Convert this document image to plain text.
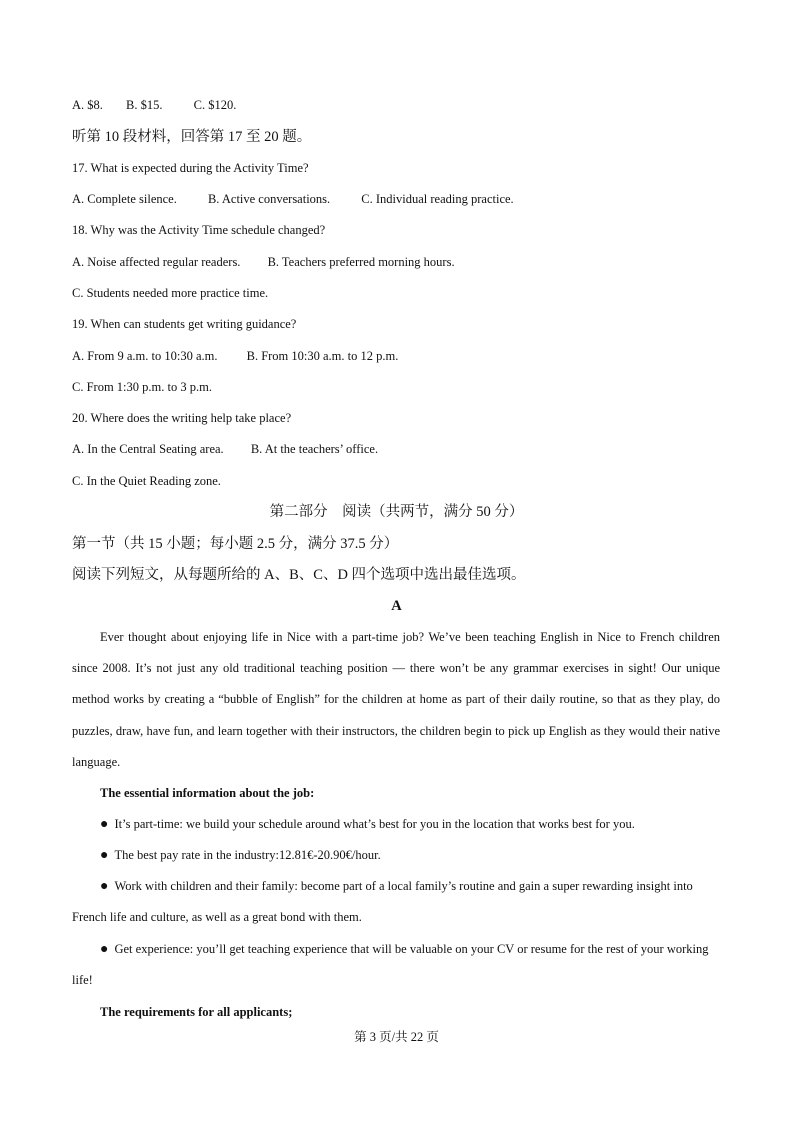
A. $8. B. $15. C. $120.
听第 10 段材料，回答第 17 至 20 题。
17. What is expected during the Activity Time?
A. Complete silence. B. Active conversations. C. Individual reading practice.
18. Why was the Activity Time schedule changed?
A. Noise affected regular readers. B. Teachers preferred morning hours.
C. Students needed more practice time.
19. When can students get writing guidance?
A. From 9 a.m. to 10:30 a.m. B. From 10:30 a.m. to 12 p.m.
C. From 1:30 p.m. to 3 p.m.
20. Where does the writing help take place?
A. In the Central Seating area. B. At the teachers’ office.
C. In the Quiet Reading zone.
第二部分    阅读（共两节，满分 50 分）
第一节（共 15 小题；每小题 2.5 分，满分 37.5 分）
阅读下列短文，从每题所给的 A、B、C、D 四个选项中选出最佳选项。
A
Ever thought about enjoying life in Nice with a part-time job? We’ve been teaching English in Nice to French children since 2008. It’s not just any old traditional teaching position — there won’t be any grammar exercises in sight! Our unique method works by creating a “bubble of English” for the children at home as part of their daily routine, so that as they play, do puzzles, draw, have fun, and learn together with their instructors, the children begin to pick up English as they would their native language.
The essential information about the job:
● It’s part-time: we build your schedule around what’s best for you in the location that works best for you.
● The best pay rate in the industry:12.81€-20.90€/hour.
● Work with children and their family: become part of a local family’s routine and gain a super rewarding insight into French life and culture, as well as a great bond with them.
● Get experience: you’ll get teaching experience that will be valuable on your CV or resume for the rest of your working life!
The requirements for all applicants;
第 3 页/共 22 页
